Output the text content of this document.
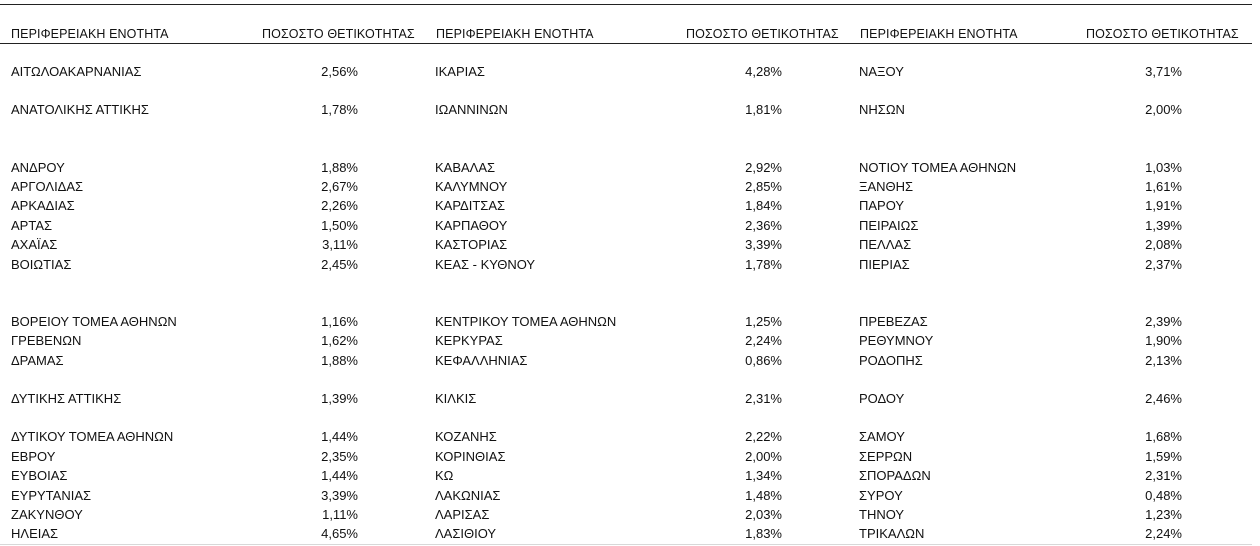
ΠΕΡΙΦΕΡΕΙΑΚΗ ΕΝΟΤΗΤΑ	ΠΟΣΟΣΤΟ ΘΕΤΙΚΟΤΗΤΑΣ ΠΕΡΙΦΕΡΕΙΑΚΗ ΕΝΟΤΗΤΑ	ΠΟΣΟΣΤΟ ΘΕΤΙΚΟΤΗΤΑΣ ΠΕΡΙΦΕΡΕΙΑΚΗ ΕΝΟΤΗΤΑ	ΠΟΣΟΣΤΟ ΘΕΤΙΚΟΤΗΤΑΣ
ΑΙΤΩΛΟΑΚΑΡΝΑΝΙΑΣ	2,56%	ΙΚΑΡΙΑΣ	4,28%	ΝΑΞΟΥ	3,71%
ΑΝΑΤΟΛΙΚΗΣ ΑΤΤΙΚΗΣ	1,78%	ΙΩΑΝΝΙΝΩΝ	1,81%	ΝΗΣΩΝ	2,00%
ΑΝΔΡΟΥ	1,88%	ΚΑΒΑΛΑΣ	2,92%	ΝΟΤΙΟΥ ΤΟΜΕΑ ΑΘΗΝΩΝ	1,03%
ΑΡΓΟΛΙΔΑΣ	2,67%	ΚΑΛΥΜΝΟΥ	2,85%	ΞΑΝΘΗΣ	1,61%
ΑΡΚΑΔΙΑΣ	2,26%	ΚΑΡΔΙΤΣΑΣ	1,84%	ΠΑΡΟΥ	1,91%
ΑΡΤΑΣ	1,50%	ΚΑΡΠΑΘΟΥ	2,36%	ΠΕΙΡΑΙΩΣ	1,39%
ΑΧΑΪΑΣ	3,11%	ΚΑΣΤΟΡΙΑΣ	3,39%	ΠΕΛΛΑΣ	2,08%
ΒΟΙΩΤΙΑΣ	2,45%	ΚΕΑΣ - ΚΥΘΝΟΥ	1,78%	ΠΙΕΡΙΑΣ	2,37%
ΒΟΡΕΙΟΥ ΤΟΜΕΑ ΑΘΗΝΩΝ	1,16%	ΚΕΝΤΡΙΚΟΥ ΤΟΜΕΑ ΑΘΗΝΩΝ	1,25%	ΠΡΕΒΕΖΑΣ	2,39%
ΓΡΕΒΕΝΩΝ	1,62%	ΚΕΡΚΥΡΑΣ	2,24%	ΡΕΘΥΜΝΟΥ	1,90%
ΔΡΑΜΑΣ	1,88%	ΚΕΦΑΛΛΗΝΙΑΣ	0,86%	ΡΟΔΟΠΗΣ	2,13%
ΔΥΤΙΚΗΣ ΑΤΤΙΚΗΣ	1,39%	ΚΙΛΚΙΣ	2,31%	ΡΟΔΟΥ	2,46%
ΔΥΤΙΚΟΥ ΤΟΜΕΑ ΑΘΗΝΩΝ	1,44%	ΚΟΖΑΝΗΣ	2,22%	ΣΑΜΟΥ	1,68%
ΕΒΡΟΥ	2,35%	ΚΟΡΙΝΘΙΑΣ	2,00%	ΣΕΡΡΩΝ	1,59%
ΕΥΒΟΙΑΣ	1,44%	ΚΩ	1,34%	ΣΠΟΡΑΔΩΝ	2,31%
ΕΥΡΥΤΑΝΙΑΣ	3,39%	ΛΑΚΩΝΙΑΣ	1,48%	ΣΥΡΟΥ	0,48%
ΖΑΚΥΝΘΟΥ	1,11%	ΛΑΡΙΣΑΣ	2,03%	ΤΗΝΟΥ	1,23%
ΗΛΕΙΑΣ	4,65%	ΛΑΣΙΘΙΟΥ	1,83%	ΤΡΙΚΑΛΩΝ	2,24%
